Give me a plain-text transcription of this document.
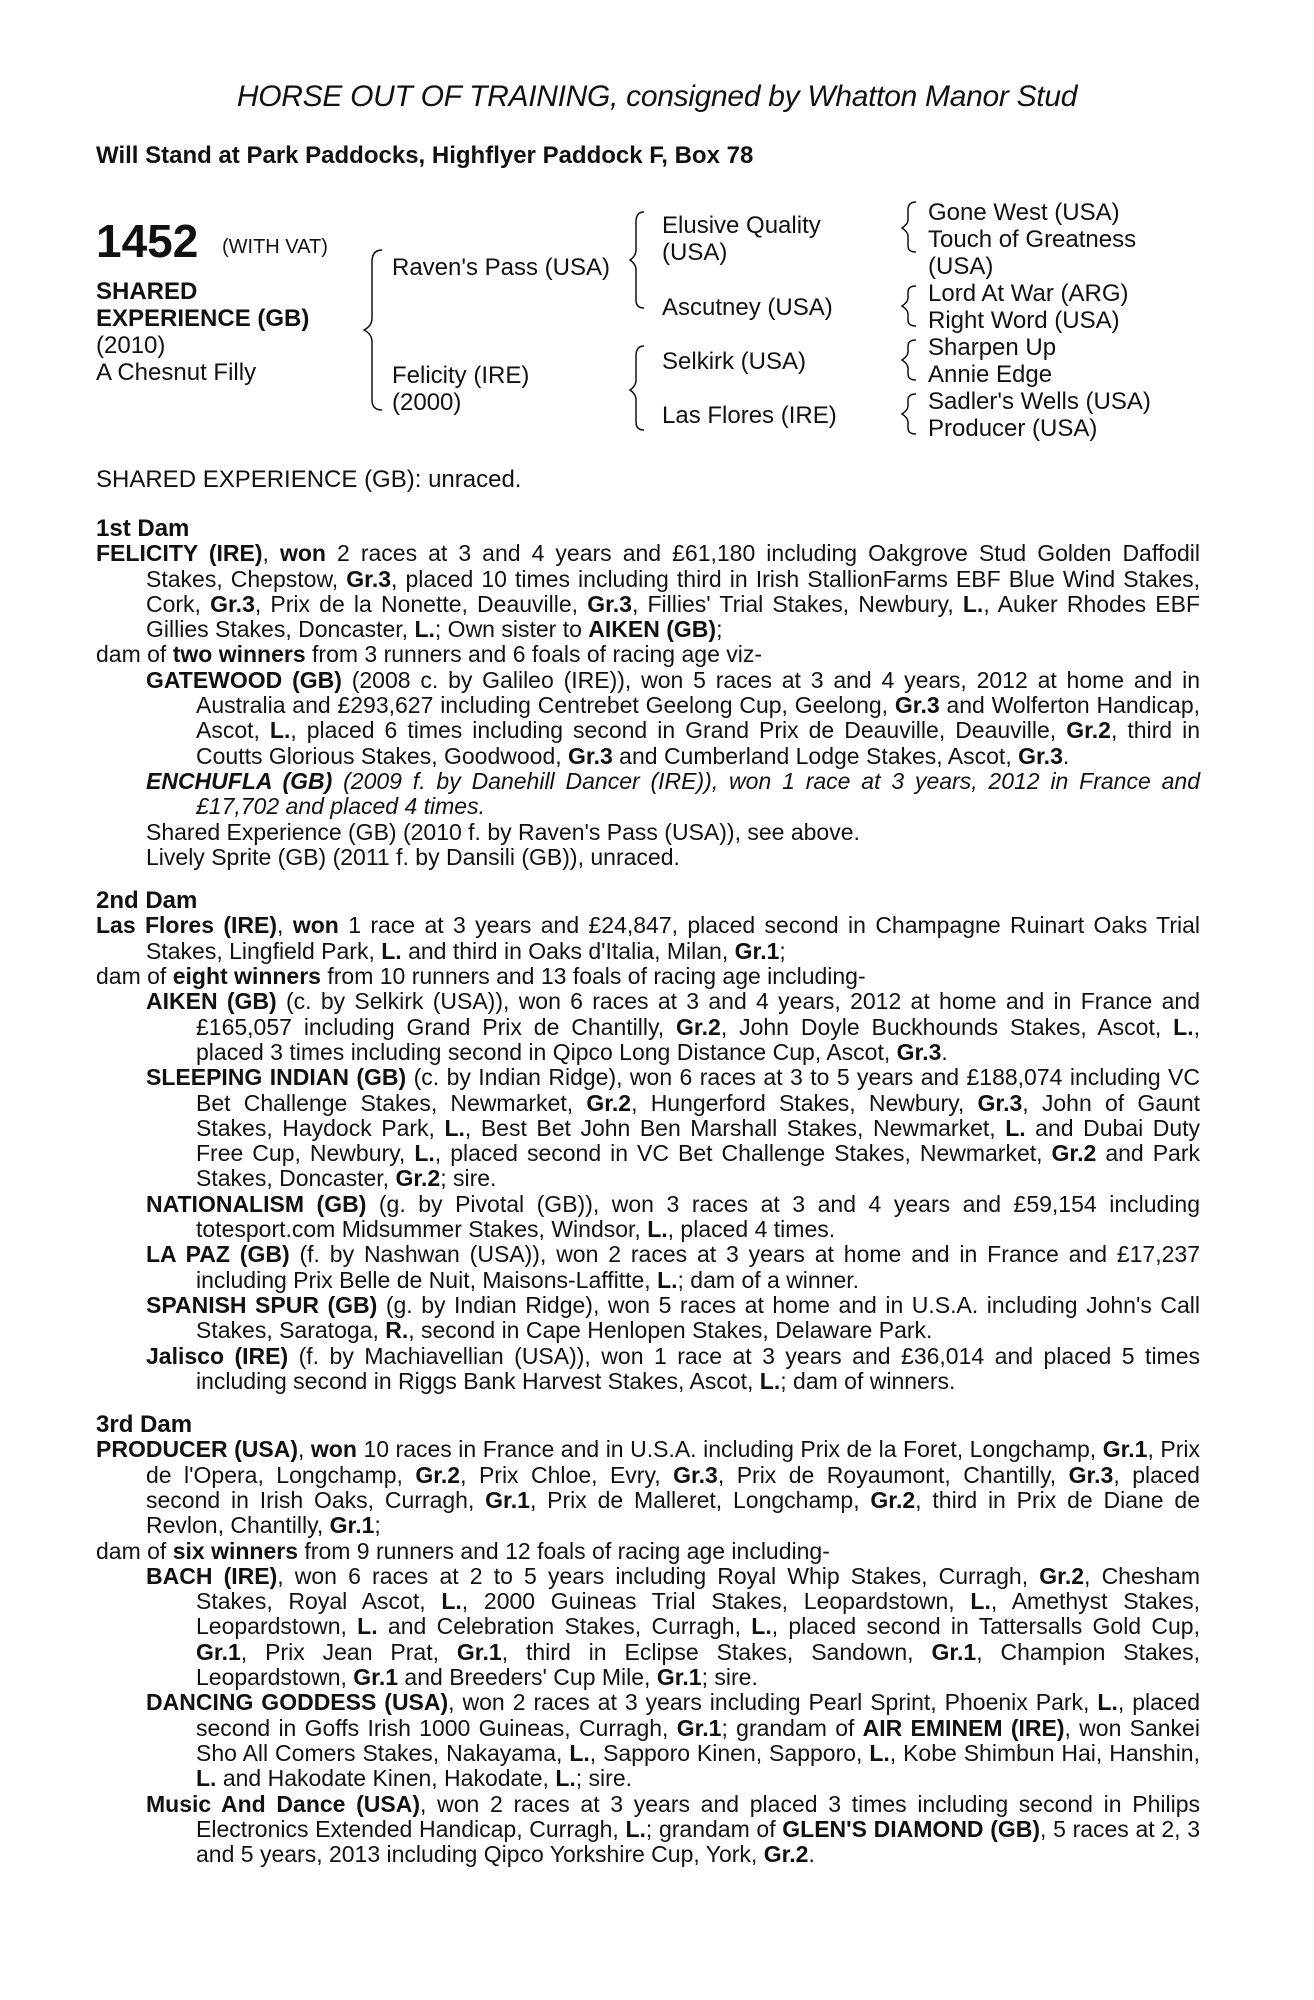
HORSE OUT OF TRAINING, consigned by Whatton Manor Stud
Will Stand at Park Paddocks, Highflyer Paddock F, Box 78
1452 (WITH VAT)
SHARED
EXPERIENCE (GB)
(2010)
A Chesnut Filly
Raven's Pass (USA)
Felicity (IRE)
(2000)
Elusive Quality
(USA)
Ascutney (USA)
Selkirk (USA)
Las Flores (IRE)
Gone West (USA)
Touch of Greatness
(USA)
Lord At War (ARG)
Right Word (USA)
Sharpen Up
Annie Edge
Sadler's Wells (USA)
Producer (USA)
SHARED EXPERIENCE (GB): unraced.
1st Dam
FELICITY (IRE), won 2 races at 3 and 4 years and £61,180 including Oakgrove Stud Golden Daffodil Stakes, Chepstow, Gr.3, placed 10 times including third in Irish StallionFarms EBF Blue Wind Stakes, Cork, Gr.3, Prix de la Nonette, Deauville, Gr.3, Fillies' Trial Stakes, Newbury, L., Auker Rhodes EBF Gillies Stakes, Doncaster, L.; Own sister to AIKEN (GB);
dam of two winners from 3 runners and 6 foals of racing age viz-
GATEWOOD (GB) (2008 c. by Galileo (IRE)), won 5 races at 3 and 4 years, 2012 at home and in Australia and £293,627 including Centrebet Geelong Cup, Geelong, Gr.3 and Wolferton Handicap, Ascot, L., placed 6 times including second in Grand Prix de Deauville, Deauville, Gr.2, third in Coutts Glorious Stakes, Goodwood, Gr.3 and Cumberland Lodge Stakes, Ascot, Gr.3.
ENCHUFLA (GB) (2009 f. by Danehill Dancer (IRE)), won 1 race at 3 years, 2012 in France and £17,702 and placed 4 times.
Shared Experience (GB) (2010 f. by Raven's Pass (USA)), see above.
Lively Sprite (GB) (2011 f. by Dansili (GB)), unraced.
2nd Dam
Las Flores (IRE), won 1 race at 3 years and £24,847, placed second in Champagne Ruinart Oaks Trial Stakes, Lingfield Park, L. and third in Oaks d'Italia, Milan, Gr.1;
dam of eight winners from 10 runners and 13 foals of racing age including-
AIKEN (GB) (c. by Selkirk (USA)), won 6 races at 3 and 4 years, 2012 at home and in France and £165,057 including Grand Prix de Chantilly, Gr.2, John Doyle Buckhounds Stakes, Ascot, L., placed 3 times including second in Qipco Long Distance Cup, Ascot, Gr.3.
SLEEPING INDIAN (GB) (c. by Indian Ridge), won 6 races at 3 to 5 years and £188,074 including VC Bet Challenge Stakes, Newmarket, Gr.2, Hungerford Stakes, Newbury, Gr.3, John of Gaunt Stakes, Haydock Park, L., Best Bet John Ben Marshall Stakes, Newmarket, L. and Dubai Duty Free Cup, Newbury, L., placed second in VC Bet Challenge Stakes, Newmarket, Gr.2 and Park Stakes, Doncaster, Gr.2; sire.
NATIONALISM (GB) (g. by Pivotal (GB)), won 3 races at 3 and 4 years and £59,154 including totesport.com Midsummer Stakes, Windsor, L., placed 4 times.
LA PAZ (GB) (f. by Nashwan (USA)), won 2 races at 3 years at home and in France and £17,237 including Prix Belle de Nuit, Maisons-Laffitte, L.; dam of a winner.
SPANISH SPUR (GB) (g. by Indian Ridge), won 5 races at home and in U.S.A. including John's Call Stakes, Saratoga, R., second in Cape Henlopen Stakes, Delaware Park.
Jalisco (IRE) (f. by Machiavellian (USA)), won 1 race at 3 years and £36,014 and placed 5 times including second in Riggs Bank Harvest Stakes, Ascot, L.; dam of winners.
3rd Dam
PRODUCER (USA), won 10 races in France and in U.S.A. including Prix de la Foret, Longchamp, Gr.1, Prix de l'Opera, Longchamp, Gr.2, Prix Chloe, Evry, Gr.3, Prix de Royaumont, Chantilly, Gr.3, placed second in Irish Oaks, Curragh, Gr.1, Prix de Malleret, Longchamp, Gr.2, third in Prix de Diane de Revlon, Chantilly, Gr.1;
dam of six winners from 9 runners and 12 foals of racing age including-
BACH (IRE), won 6 races at 2 to 5 years including Royal Whip Stakes, Curragh, Gr.2, Chesham Stakes, Royal Ascot, L., 2000 Guineas Trial Stakes, Leopardstown, L., Amethyst Stakes, Leopardstown, L. and Celebration Stakes, Curragh, L., placed second in Tattersalls Gold Cup, Gr.1, Prix Jean Prat, Gr.1, third in Eclipse Stakes, Sandown, Gr.1, Champion Stakes, Leopardstown, Gr.1 and Breeders' Cup Mile, Gr.1; sire.
DANCING GODDESS (USA), won 2 races at 3 years including Pearl Sprint, Phoenix Park, L., placed second in Goffs Irish 1000 Guineas, Curragh, Gr.1; grandam of AIR EMINEM (IRE), won Sankei Sho All Comers Stakes, Nakayama, L., Sapporo Kinen, Sapporo, L., Kobe Shimbun Hai, Hanshin, L. and Hakodate Kinen, Hakodate, L.; sire.
Music And Dance (USA), won 2 races at 3 years and placed 3 times including second in Philips Electronics Extended Handicap, Curragh, L.; grandam of GLEN'S DIAMOND (GB), 5 races at 2, 3 and 5 years, 2013 including Qipco Yorkshire Cup, York, Gr.2.
